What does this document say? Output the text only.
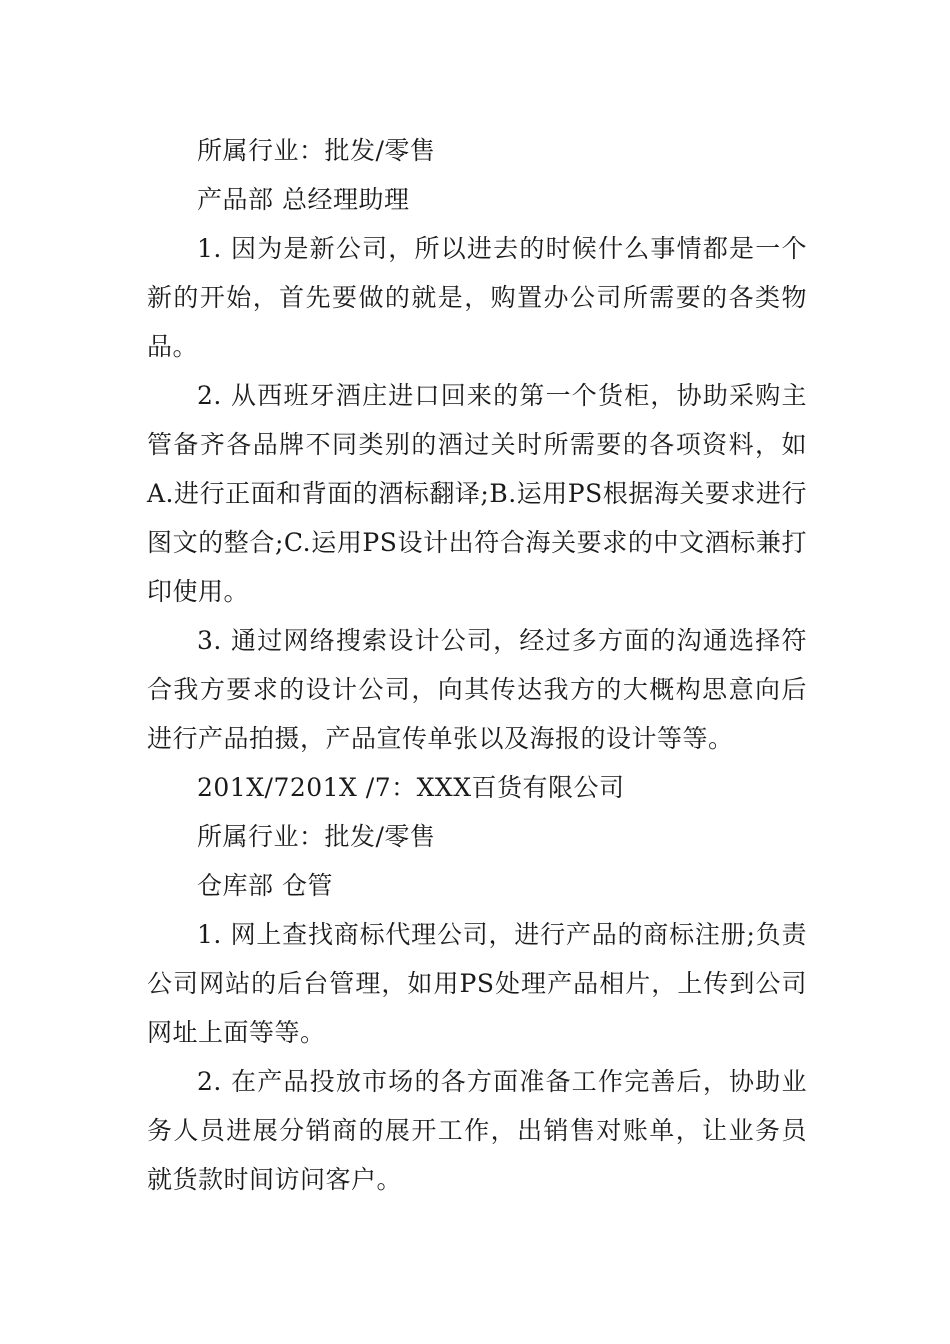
所属行业：批发/零售

产品部 总经理助理

1. 因为是新公司，所以进去的时候什么事情都是一个新的开始，首先要做的就是，购置办公司所需要的各类物品。

2. 从西班牙酒庄进口回来的第一个货柜，协助采购主管备齐各品牌不同类别的酒过关时所需要的各项资料，如A.进行正面和背面的酒标翻译;B.运用PS根据海关要求进行图文的整合;C.运用PS设计出符合海关要求的中文酒标兼打印使用。

3. 通过网络搜索设计公司，经过多方面的沟通选择符合我方要求的设计公司，向其传达我方的大概构思意向后进行产品拍摄，产品宣传单张以及海报的设计等等。

201X/7201X /7：XXX百货有限公司

所属行业：批发/零售

仓库部 仓管

1. 网上查找商标代理公司，进行产品的商标注册;负责公司网站的后台管理，如用PS处理产品相片，上传到公司网址上面等等。

2. 在产品投放市场的各方面准备工作完善后，协助业务人员进展分销商的展开工作，出销售对账单，让业务员就货款时间访问客户。
